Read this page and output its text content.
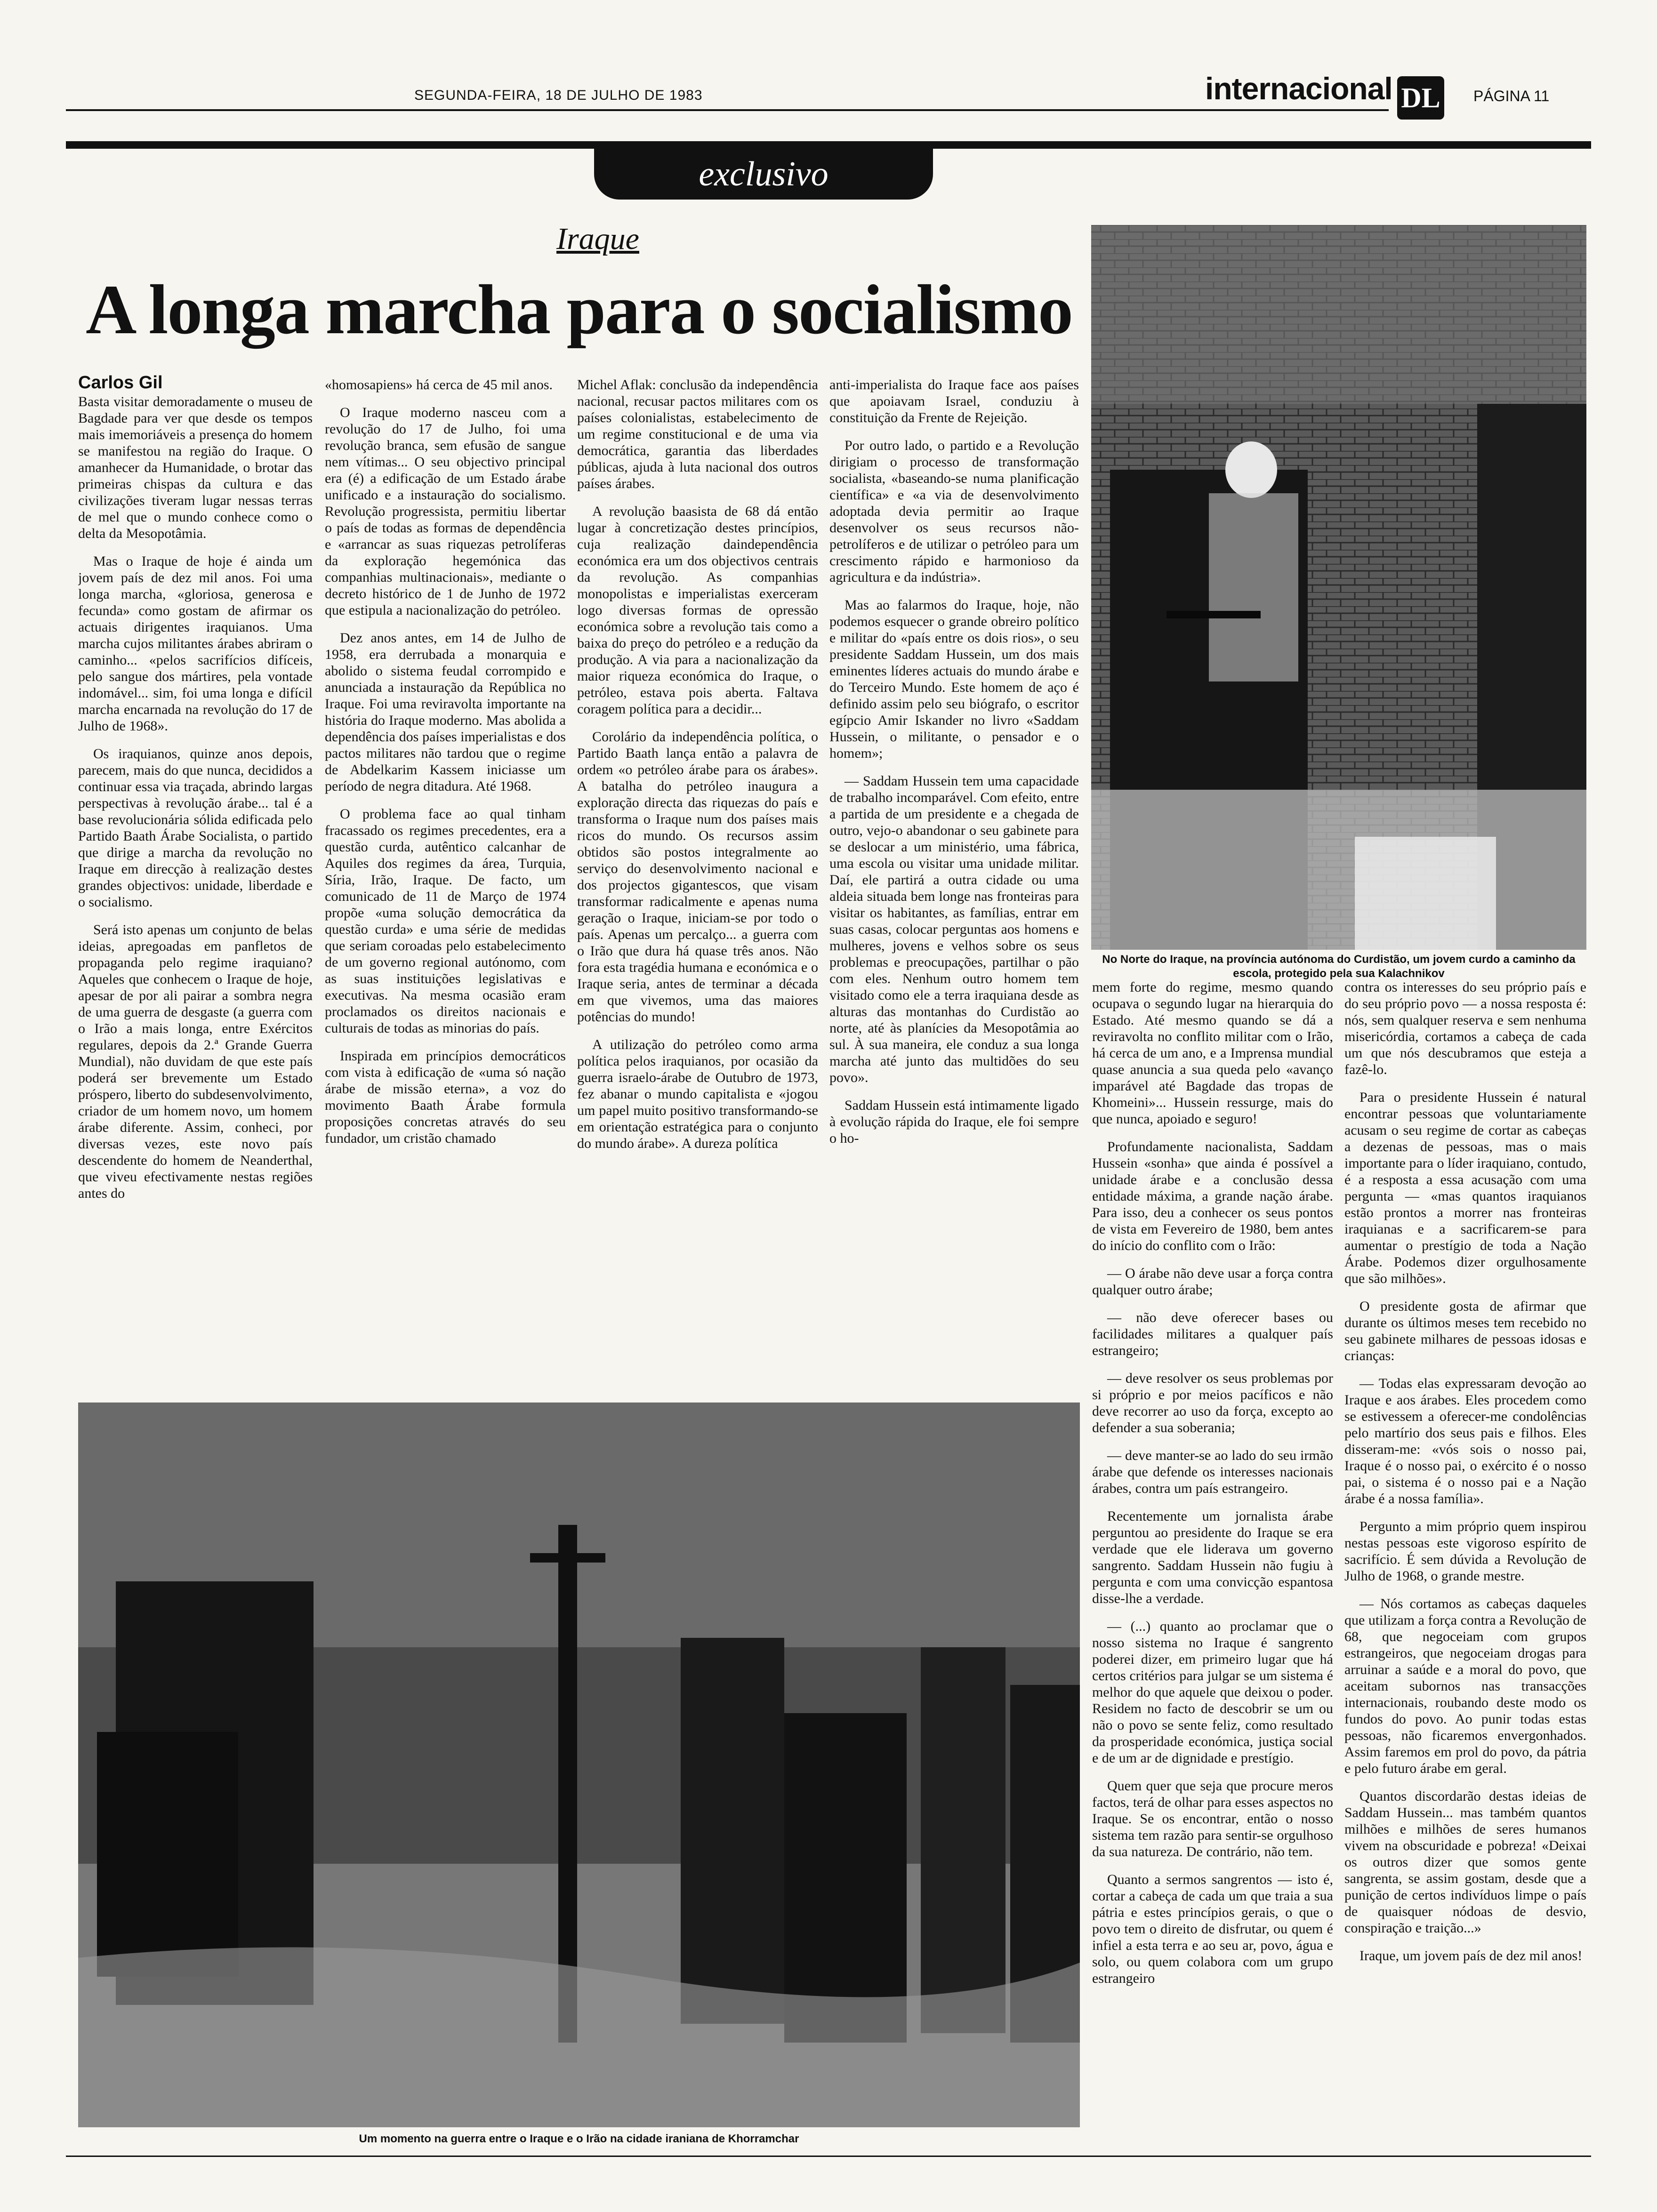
SEGUNDA-FEIRA, 18 DE JULHO DE 1983	internacional DL PÁGINA 11
exclusivo
Iraque
A longa marcha para o socialismo
Carlos Gil
No Norte do Iraque, na província autónoma do Curdistão, um jovem curdo a caminho da escola, protegido pela sua Kalachnikov

Basta visitar demoradamente o museu de Bagdade para ver que desde os tempos mais imemoriáveis a presença do homem se manifestou na região do Iraque. O amanhecer da Humanidade, o brotar das primeiras chispas da cultura e das civilizações tiveram lugar nessas terras de mel que o mundo conhece como o delta da Mesopotâmia.

Mas o Iraque de hoje é ainda um jovem país de dez mil anos. Foi uma longa marcha, «gloriosa, generosa e fecunda» como gostam de afirmar os actuais dirigentes iraquianos. Uma marcha cujos militantes árabes abriram o caminho... «pelos sacrifícios difíceis, pelo sangue dos mártires, pela vontade indomável... sim, foi uma longa e difícil marcha encarnada na revolução do 17 de Julho de 1968».

Os iraquianos, quinze anos depois, parecem, mais do que nunca, decididos a continuar essa via traçada, abrindo largas perspectivas à revolução árabe... tal é a base revolucionária sólida edificada pelo Partido Baath Árabe Socialista, o partido que dirige a marcha da revolução no Iraque em direcção à realização destes grandes objectivos: unidade, liberdade e o socialismo.

Será isto apenas um conjunto de belas ideias, apregoadas em panfletos de propaganda pelo regime iraquiano? Aqueles que conhecem o Iraque de hoje, apesar de por ali pairar a sombra negra de uma guerra de desgaste (a guerra com o Irão a mais longa, entre Exércitos regulares, depois da 2.ª Grande Guerra Mundial), não duvidam de que este país poderá ser brevemente um Estado próspero, liberto do subdesenvolvimento, criador de um homem novo, um homem árabe diferente. Assim, conheci, por diversas vezes, este novo país descendente do homem de Neanderthal, que viveu efectivamente nestas regiões antes do

«homosapiens» há cerca de 45 mil anos.

O Iraque moderno nasceu com a revolução do 17 de Julho, foi uma revolução branca, sem efusão de sangue nem vítimas... O seu objectivo principal era (é) a edificação de um Estado árabe unificado e a instauração do socialismo. Revolução progressista, permitiu libertar o país de todas as formas de dependência e «arrancar as suas riquezas petrolíferas da exploração hegemónica das companhias multinacionais», mediante o decreto histórico de 1 de Junho de 1972 que estipula a nacionalização do petróleo.

Dez anos antes, em 14 de Julho de 1958, era derrubada a monarquia e abolido o sistema feudal corrompido e anunciada a instauração da República no Iraque. Foi uma reviravolta importante na história do Iraque moderno. Mas abolida a dependência dos países imperialistas e dos pactos militares não tardou que o regime de Abdelkarim Kassem iniciasse um período de negra ditadura. Até 1968.

O problema face ao qual tinham fracassado os regimes precedentes, era a questão curda, autêntico calcanhar de Aquiles dos regimes da área, Turquia, Síria, Irão, Iraque. De facto, um comunicado de 11 de Março de 1974 propõe «uma solução democrática da questão curda» e uma série de medidas que seriam coroadas pelo estabelecimento de um governo regional autónomo, com as suas instituições legislativas e executivas. Na mesma ocasião eram proclamados os direitos nacionais e culturais de todas as minorias do país.

Inspirada em princípios democráticos com vista à edificação de «uma só nação árabe de missão eterna», a voz do movimento Baath Árabe formula proposições concretas através do seu fundador, um cristão chamado

Michel Aflak: conclusão da independência nacional, recusar pactos militares com os países colonialistas, estabelecimento de um regime constitucional e de uma via democrática, garantia das liberdades públicas, ajuda à luta nacional dos outros países árabes.

A revolução baasista de 68 dá então lugar à concretização destes princípios, cuja realização daindependência económica era um dos objectivos centrais da revolução. As companhias monopolistas e imperialistas exerceram logo diversas formas de opressão económica sobre a revolução tais como a baixa do preço do petróleo e a redução da produção. A via para a nacionalização da maior riqueza económica do Iraque, o petróleo, estava pois aberta. Faltava coragem política para a decidir...

Corolário da independência política, o Partido Baath lança então a palavra de ordem «o petróleo árabe para os árabes». A batalha do petróleo inaugura a exploração directa das riquezas do país e transforma o Iraque num dos países mais ricos do mundo. Os recursos assim obtidos são postos integralmente ao serviço do desenvolvimento nacional e dos projectos gigantescos, que visam transformar radicalmente e apenas numa geração o Iraque, iniciam-se por todo o país. Apenas um percalço... a guerra com o Irão que dura há quase três anos. Não fora esta tragédia humana e económica e o Iraque seria, antes de terminar a década em que vivemos, uma das maiores potências do mundo!

A utilização do petróleo como arma política pelos iraquianos, por ocasião da guerra israelo-árabe de Outubro de 1973, fez abanar o mundo capitalista e «jogou um papel muito positivo transformando-se em orientação estratégica para o conjunto do mundo árabe». A dureza política

anti-imperialista do Iraque face aos países que apoiavam Israel, conduziu à constituição da Frente de Rejeição.

Por outro lado, o partido e a Revolução dirigiam o processo de transformação socialista, «baseando-se numa planificação científica» e «a via de desenvolvimento adoptada devia permitir ao Iraque desenvolver os seus recursos não-petrolíferos e de utilizar o petróleo para um crescimento rápido e harmonioso da agricultura e da indústria».

Mas ao falarmos do Iraque, hoje, não podemos esquecer o grande obreiro político e militar do «país entre os dois rios», o seu presidente Saddam Hussein, um dos mais eminentes líderes actuais do mundo árabe e do Terceiro Mundo. Este homem de aço é definido assim pelo seu biógrafo, o escritor egípcio Amir Iskander no livro «Saddam Hussein, o militante, o pensador e o homem»;

— Saddam Hussein tem uma capacidade de trabalho incomparável. Com efeito, entre a partida de um presidente e a chegada de outro, vejo-o abandonar o seu gabinete para se deslocar a um ministério, uma fábrica, uma escola ou visitar uma unidade militar. Daí, ele partirá a outra cidade ou uma aldeia situada bem longe nas fronteiras para visitar os habitantes, as famílias, entrar em suas casas, colocar perguntas aos homens e mulheres, jovens e velhos sobre os seus problemas e preocupações, partilhar o pão com eles. Nenhum outro homem tem visitado como ele a terra iraquiana desde as alturas das montanhas do Curdistão ao norte, até às planícies da Mesopotâmia ao sul. À sua maneira, ele conduz a sua longa marcha até junto das multidões do seu povo».

Saddam Hussein está intimamente ligado à evolução rápida do Iraque, ele foi sempre o ho-

mem forte do regime, mesmo quando ocupava o segundo lugar na hierarquia do Estado. Até mesmo quando se dá a reviravolta no conflito militar com o Irão, há cerca de um ano, e a Imprensa mundial quase anuncia a sua queda pelo «avanço imparável até Bagdade das tropas de Khomeini»... Hussein ressurge, mais do que nunca, apoiado e seguro!

Profundamente nacionalista, Saddam Hussein «sonha» que ainda é possível a unidade árabe e a conclusão dessa entidade máxima, a grande nação árabe. Para isso, deu a conhecer os seus pontos de vista em Fevereiro de 1980, bem antes do início do conflito com o Irão:

— O árabe não deve usar a força contra qualquer outro árabe;

— não deve oferecer bases ou facilidades militares a qualquer país estrangeiro;

— deve resolver os seus problemas por si próprio e por meios pacíficos e não deve recorrer ao uso da força, excepto ao defender a sua soberania;

— deve manter-se ao lado do seu irmão árabe que defende os interesses nacionais árabes, contra um país estrangeiro.

Recentemente um jornalista árabe perguntou ao presidente do Iraque se era verdade que ele liderava um governo sangrento. Saddam Hussein não fugiu à pergunta e com uma convicção espantosa disse-lhe a verdade.

— (...) quanto ao proclamar que o nosso sistema no Iraque é sangrento poderei dizer, em primeiro lugar que há certos critérios para julgar se um sistema é melhor do que aquele que deixou o poder. Residem no facto de descobrir se um ou não o povo se sente feliz, como resultado da prosperidade económica, justiça social e de um ar de dignidade e prestígio.

Quem quer que seja que procure meros factos, terá de olhar para esses aspectos no Iraque. Se os encontrar, então o nosso sistema tem razão para sentir-se orgulhoso da sua natureza. De contrário, não tem.

Quanto a sermos sangrentos — isto é, cortar a cabeça de cada um que traia a sua pátria e estes princípios gerais, o que o povo tem o direito de disfrutar, ou quem é infiel a esta terra e ao seu ar, povo, água e solo, ou quem colabora com um grupo estrangeiro

contra os interesses do seu próprio país e do seu próprio povo — a nossa resposta é: nós, sem qualquer reserva e sem nenhuma misericórdia, cortamos a cabeça de cada um que nós descubramos que esteja a fazê-lo.

Para o presidente Hussein é natural encontrar pessoas que voluntariamente acusam o seu regime de cortar as cabeças a dezenas de pessoas, mas o mais importante para o líder iraquiano, contudo, é a resposta a essa acusação com uma pergunta — «mas quantos iraquianos estão prontos a morrer nas fronteiras iraquianas e a sacrificarem-se para aumentar o prestígio de toda a Nação Árabe. Podemos dizer orgulhosamente que são milhões».

O presidente gosta de afirmar que durante os últimos meses tem recebido no seu gabinete milhares de pessoas idosas e crianças:

— Todas elas expressaram devoção ao Iraque e aos árabes. Eles procedem como se estivessem a oferecer-me condolências pelo martírio dos seus pais e filhos. Eles disseram-me: «vós sois o nosso pai, Iraque é o nosso pai, o exército é o nosso pai, o sistema é o nosso pai e a Nação árabe é a nossa família».

Pergunto a mim próprio quem inspirou nestas pessoas este vigoroso espírito de sacrifício. É sem dúvida a Revolução de Julho de 1968, o grande mestre.

— Nós cortamos as cabeças daqueles que utilizam a força contra a Revolução de 68, que negoceiam com grupos estrangeiros, que negoceiam drogas para arruinar a saúde e a moral do povo, que aceitam subornos nas transacções internacionais, roubando deste modo os fundos do povo. Ao punir todas estas pessoas, não ficaremos envergonhados. Assim faremos em prol do povo, da pátria e pelo futuro árabe em geral.

Quantos discordarão destas ideias de Saddam Hussein... mas também quantos milhões e milhões de seres humanos vivem na obscuridade e pobreza! «Deixai os outros dizer que somos gente sangrenta, se assim gostam, desde que a punição de certos indivíduos limpe o país de quaisquer nódoas de desvio, conspiração e traição...»

Iraque, um jovem país de dez mil anos!

Um momento na guerra entre o Iraque e o Irão na cidade iraniana de Khorramchar
